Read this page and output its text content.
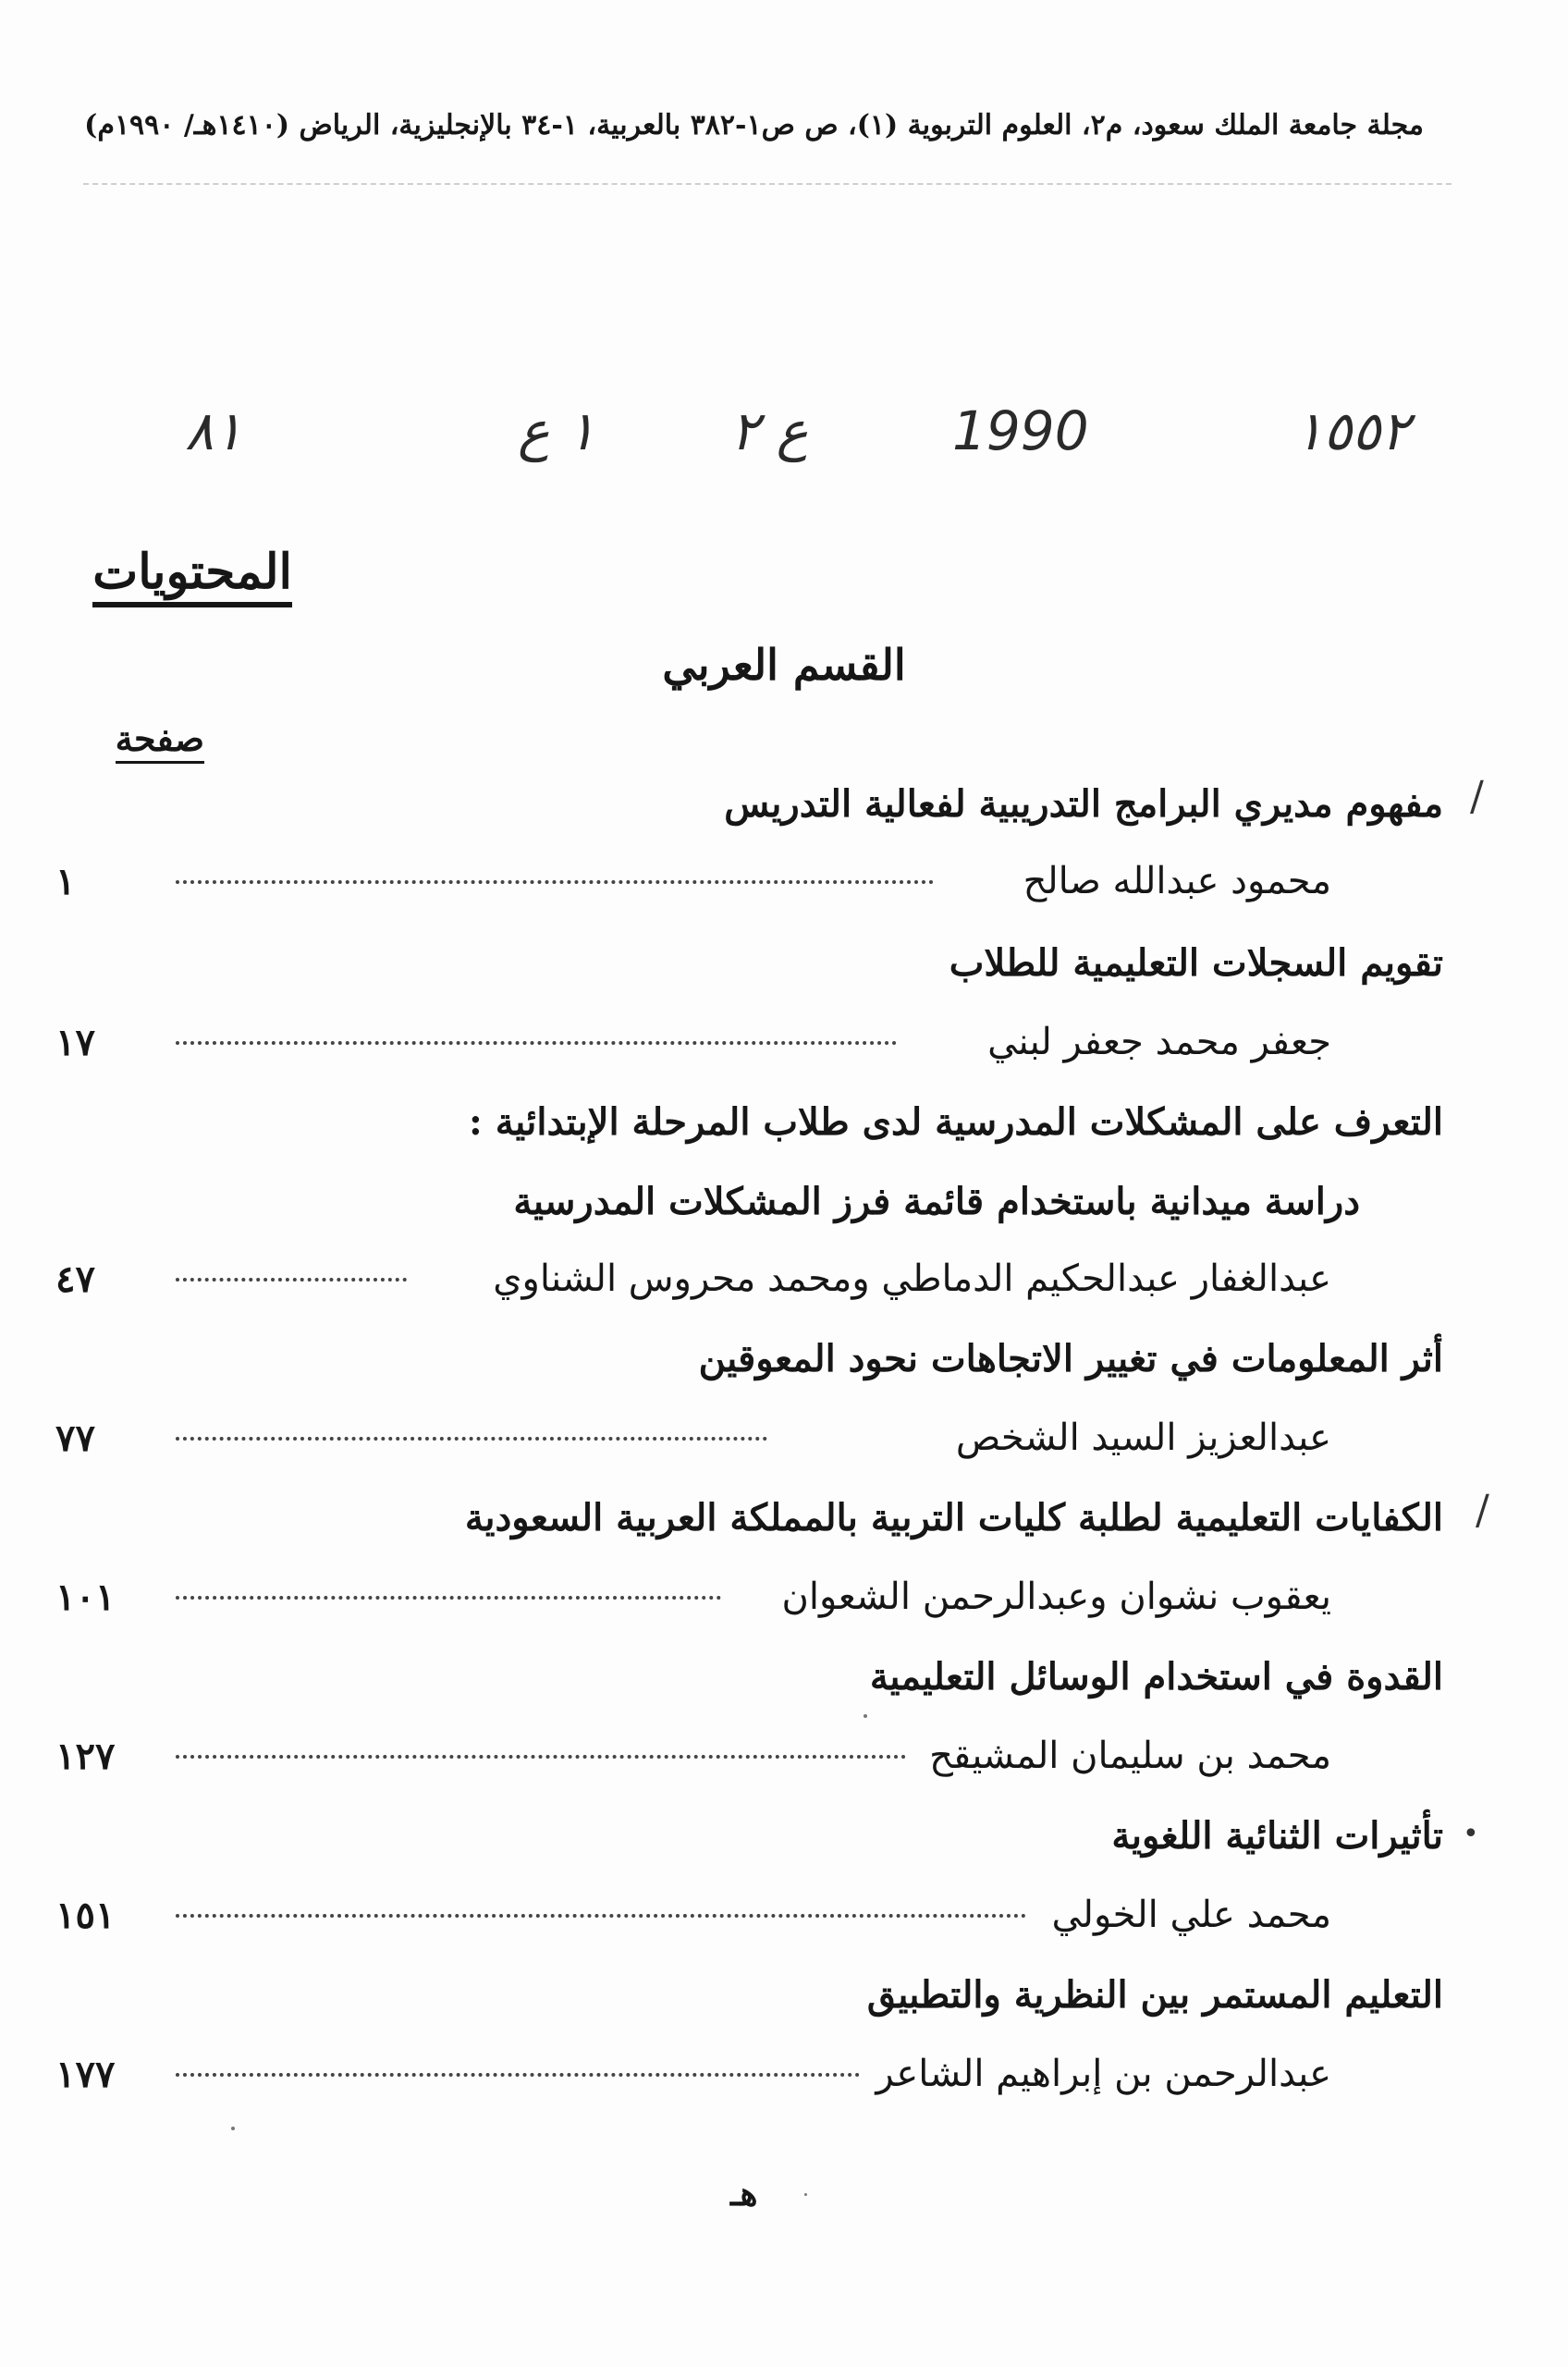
مجلة جامعة الملك سعود، م٢، العلوم التربوية (١)، ص ص١-٣٨٢ بالعربية، ١-٣٤ بالإنجليزية، الرياض (١٤١٠هـ/ ١٩٩٠م)
١٥٥٢
1990
ع ٢
١ ع
٨١
المحتويات
القسم العربي
صفحة
/
مفهوم مديري البرامج التدريبية لفعالية التدريس
محمود عبدالله صالح
١
تقويم السجلات التعليمية للطلاب
جعفر محمد جعفر لبني
١٧
التعرف على المشكلات المدرسية لدى طلاب المرحلة الإبتدائية :
دراسة ميدانية باستخدام قائمة فرز المشكلات المدرسية
عبدالغفار عبدالحكيم الدماطي ومحمد محروس الشناوي
٤٧
أثر المعلومات في تغيير الاتجاهات نحود المعوقين
عبدالعزيز السيد الشخص
٧٧
/
الكفايات التعليمية لطلبة كليات التربية بالمملكة العربية السعودية
يعقوب نشوان وعبدالرحمن الشعوان
١٠١
القدوة في استخدام الوسائل التعليمية
محمد بن سليمان المشيقح
١٢٧
•
تأثيرات الثنائية اللغوية
محمد علي الخولي
١٥١
التعليم المستمر بين النظرية والتطبيق
عبدالرحمن بن إبراهيم الشاعر
١٧٧
هـ
